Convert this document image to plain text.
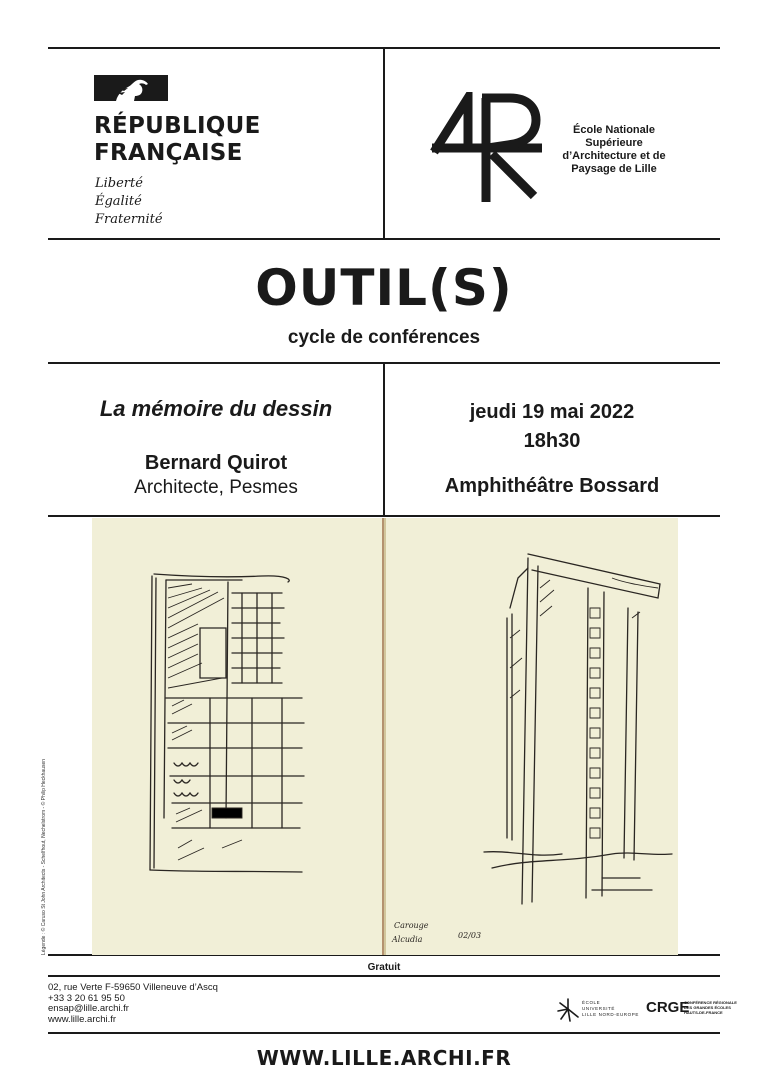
RÉPUBLIQUE
FRANÇAISE
Liberté
Égalité
Fraternité
École Nationale
Supérieure
d’Architecture et de
Paysage de Lille
OUTIL(S)
cycle de conférences
La mémoire du dessin
Bernard Quirot
Architecte, Pesmes
jeudi 19 mai 2022
18h30
Amphithéâtre Bossard
Carouge
Alcudia	02/03
Légende : © Caruso St John Architects - Schelfhout, Nechelstrom - © Philip Heckhausen
Gratuit
02, rue Verte F-59650 Villeneuve d’Ascq
+33 3 20 61 95 50
ensap@lille.archi.fr
www.lille.archi.fr
ÉCOLE
UNIVERSITÉ
LILLE NORD-EUROPE CRGE
CONFÉRENCE RÉGIONALE
DES GRANDES ÉCOLES
HAUTS-DE-FRANCE
WWW.LILLE.ARCHI.FR
